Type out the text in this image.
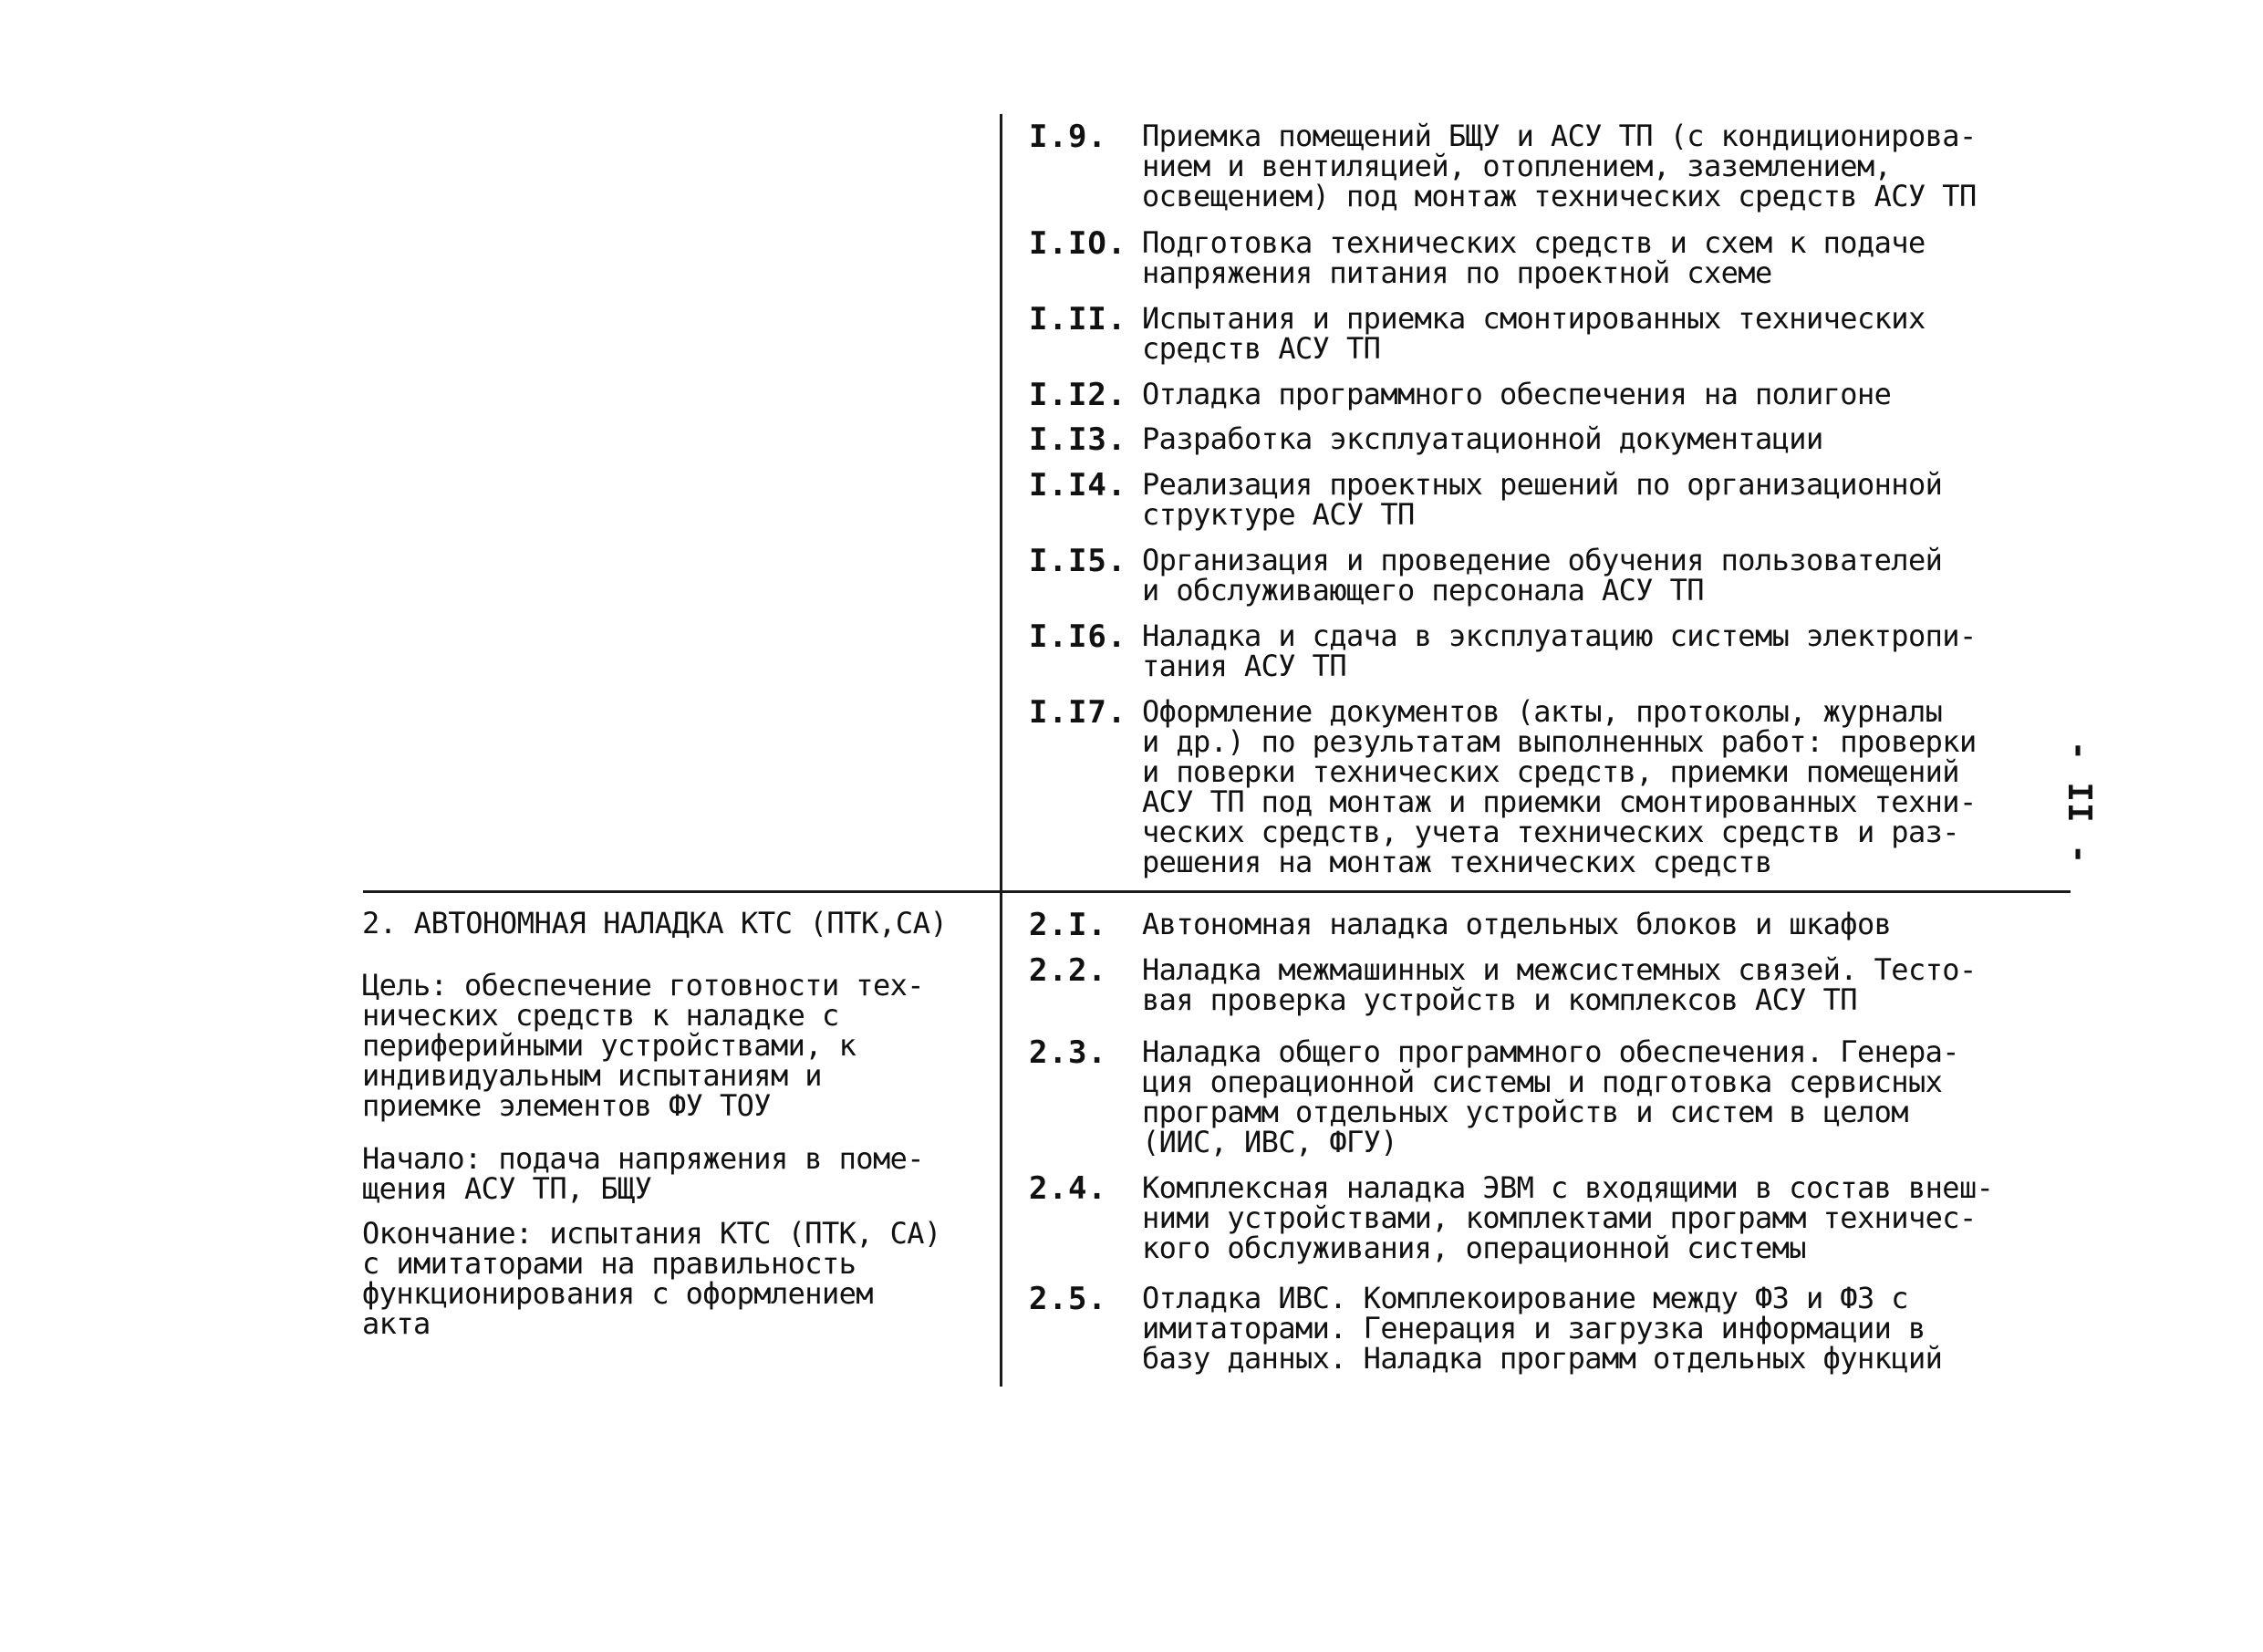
I.9.	Приемка помещений БЩУ и АСУ ТП (с кондиционирова-
нием и вентиляцией, отоплением, заземлением,
освещением) под монтаж технических средств АСУ ТП
I.IO. Подготовка технических средств и схем к подаче
напряжения питания по проектной схеме
I.II. Испытания и приемка смонтированных технических
средств АСУ ТП
I.I2. Отладка программного обеспечения на полигоне
I.I3. Разработка эксплуатационной документации
I.I4. Реализация проектных решений по организационной
структуре АСУ ТП
I.I5. Организация и проведение обучения пользователей
и обслуживающего персонала АСУ ТП
I.I6. Наладка и сдача в эксплуатацию системы электропи-
тания АСУ ТП
I.I7. Оформление документов (акты, протоколы, журналы
и др.) по результатам выполненных работ: проверки
и поверки технических средств, приемки помещений
АСУ ТП под монтаж и приемки смонтированных техни-
ческих средств, учета технических средств и раз-
решения на монтаж технических средств
2. АВТОНОМНАЯ НАЛАДКА КТС (ПТК,СА)
Цель: обеспечение готовности тех-
нических средств к наладке с
периферийными устройствами, к
индивидуальным испытаниям и
приемке элементов ФУ ТОУ
Начало: подача напряжения в поме-
щения АСУ ТП, БЩУ
Окончание: испытания КТС (ПТК, СА)
с имитаторами на правильность
функционирования с оформлением
акта
2.I.	Автономная наладка отдельных блоков и шкафов
2.2.	Наладка межмашинных и межсистемных связей. Тесто-
вая проверка устройств и комплексов АСУ ТП
2.3.	Наладка общего программного обеспечения. Генера-
ция операционной системы и подготовка сервисных
программ отдельных устройств и систем в целом
(ИИС, ИВС, ФГУ)
2.4.	Комплексная наладка ЭВМ с входящими в состав внеш-
ними устройствами, комплектами программ техничес-
кого обслуживания, операционной системы
2.5.	Отладка ИВС. Комплекоирование между ФЗ и ФЗ с
имитаторами. Генерация и загрузка информации в
базу данных. Наладка программ отдельных функций
- II -
